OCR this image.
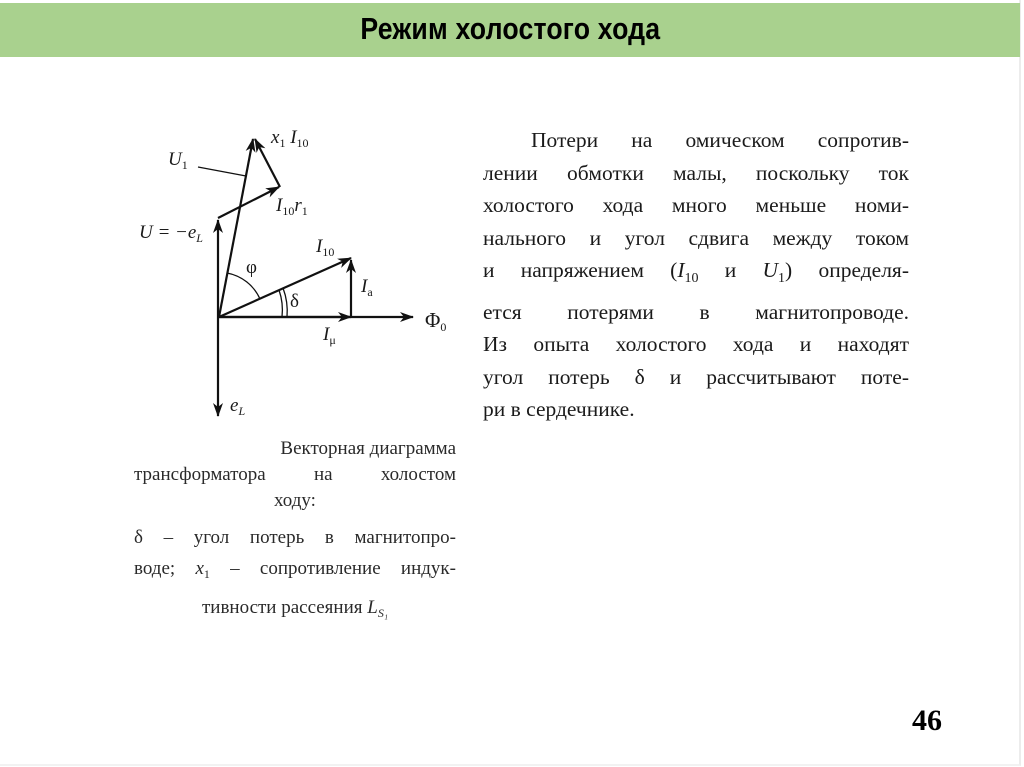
Режим холостого хода
$x_1$ $I_{10}$
$U_1$
$I_{10}r_1$
$U = -e_L$	$I_{10}$
φ
δ
$I_a$
$I_\mu$
$\Phi_0$
$e_L$
Векторная диаграмма
трансформатора на холостом
ходу:
δ – угол потерь в магнитопро-
воде; $x_1$ – сопротивление индук-
тивности рассеяния $L_{S_1}$
Потери на омическом сопротив-
лении обмотки малы, поскольку ток
холостого хода много меньше номи-
нального и угол сдвига между током
и напряжением ($I_{10}$ и $U_1$) определя-
ется потерями в магнитопроводе.
Из опыта холостого хода и находят
угол потерь δ и рассчитывают поте-
ри в сердечнике.
46
